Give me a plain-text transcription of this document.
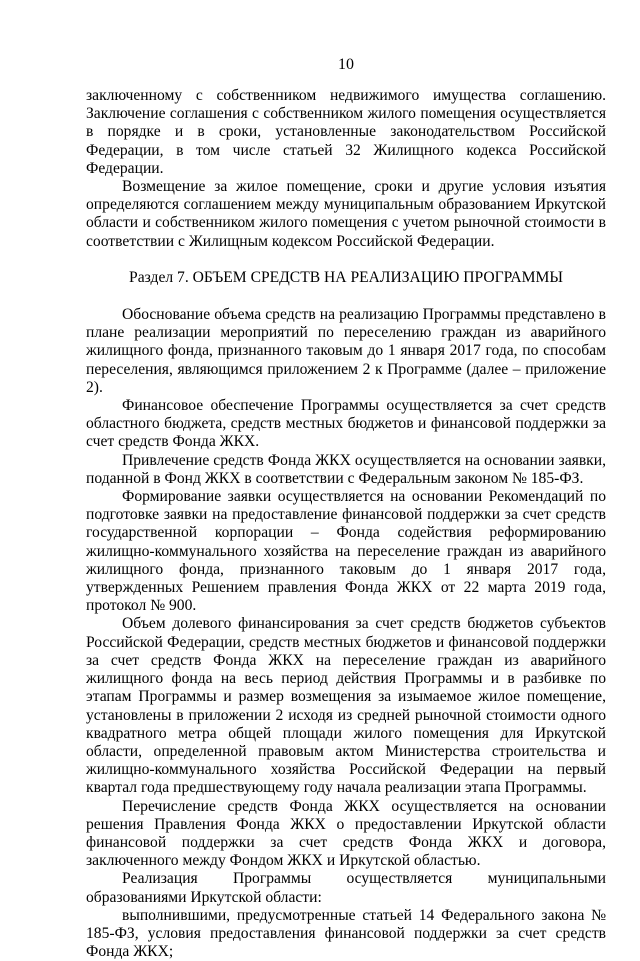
10

заключенному с собственником недвижимого имущества соглашению. Заключение соглашения с собственником жилого помещения осуществляется в порядке и в сроки, установленные законодательством Российской Федерации, в том числе статьей 32 Жилищного кодекса Российской Федерации.

Возмещение за жилое помещение, сроки и другие условия изъятия определяются соглашением между муниципальным образованием Иркутской области и собственником жилого помещения с учетом рыночной стоимости в соответствии с Жилищным кодексом Российской Федерации.

Раздел 7. ОБЪЕМ СРЕДСТВ НА РЕАЛИЗАЦИЮ ПРОГРАММЫ

Обоснование объема средств на реализацию Программы представлено в плане реализации мероприятий по переселению граждан из аварийного жилищного фонда, признанного таковым до 1 января 2017 года, по способам переселения, являющимся приложением 2 к Программе (далее – приложение 2).

Финансовое обеспечение Программы осуществляется за счет средств областного бюджета, средств местных бюджетов и финансовой поддержки за счет средств Фонда ЖКХ.

Привлечение средств Фонда ЖКХ осуществляется на основании заявки, поданной в Фонд ЖКХ в соответствии с Федеральным законом № 185-ФЗ.

Формирование заявки осуществляется на основании Рекомендаций по подготовке заявки на предоставление финансовой поддержки за счет средств государственной корпорации – Фонда содействия реформированию жилищно-коммунального хозяйства на переселение граждан из аварийного жилищного фонда, признанного таковым до 1 января 2017 года, утвержденных Решением правления Фонда ЖКХ от 22 марта 2019 года, протокол № 900.

Объем долевого финансирования за счет средств бюджетов субъектов Российской Федерации, средств местных бюджетов и финансовой поддержки за счет средств Фонда ЖКХ на переселение граждан из аварийного жилищного фонда на весь период действия Программы и в разбивке по этапам Программы и размер возмещения за изымаемое жилое помещение, установлены в приложении 2 исходя из средней рыночной стоимости одного квадратного метра общей площади жилого помещения для Иркутской области, определенной правовым актом Министерства строительства и жилищно-коммунального хозяйства Российской Федерации на первый квартал года предшествующему году начала реализации этапа Программы.

Перечисление средств Фонда ЖКХ осуществляется на основании решения Правления Фонда ЖКХ о предоставлении Иркутской области финансовой поддержки за счет средств Фонда ЖКХ и договора, заключенного между Фондом ЖКХ и Иркутской областью.

Реализация Программы осуществляется муниципальными образованиями Иркутской области:

выполнившими, предусмотренные статьей 14 Федерального закона № 185-ФЗ, условия предоставления финансовой поддержки за счет средств Фонда ЖКХ;
